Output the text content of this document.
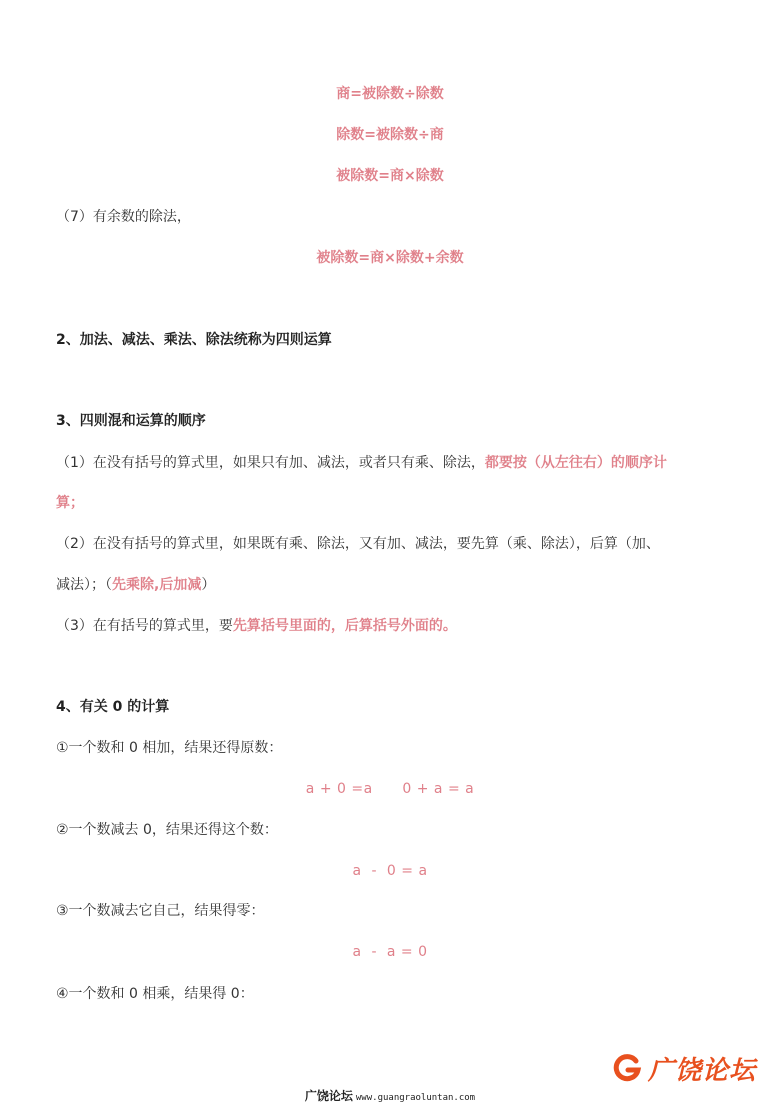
商=被除数÷除数
除数=被除数÷商
被除数=商×除数
（7）有余数的除法，
被除数=商×除数+余数
2、加法、减法、乘法、除法统称为四则运算
3、四则混和运算的顺序
（1）在没有括号的算式里，如果只有加、减法，或者只有乘、除法，都要按（从左往右）的顺序计
算；
（2）在没有括号的算式里，如果既有乘、除法，又有加、减法，要先算（乘、除法），后算（加、
减法）；（先乘除,后加减）
（3）在有括号的算式里，要先算括号里面的，后算括号外面的。
4、有关 0 的计算
①一个数和 0 相加，结果还得原数：
a + 0 =a      0 + a = a
②一个数减去 0，结果还得这个数：
a  -  0 = a
③一个数减去它自己，结果得零：
a  -  a = 0
④一个数和 0 相乘，结果得 0：
广饶论坛
广饶论坛 www.guangraoluntan.com
